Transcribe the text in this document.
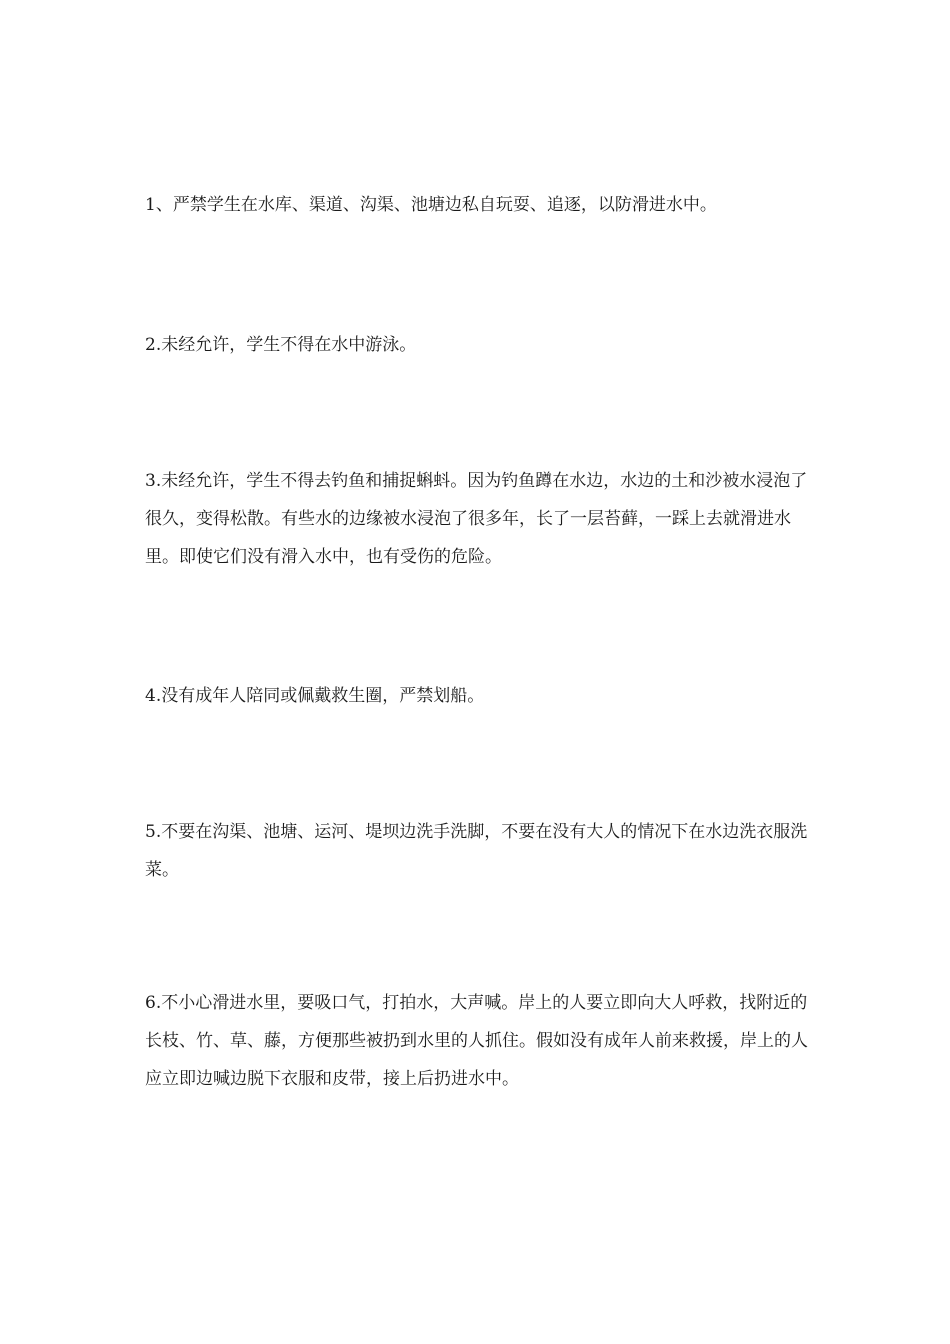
1、严禁学生在水库、渠道、沟渠、池塘边私自玩耍、追逐，以防滑进水中。

2.未经允许，学生不得在水中游泳。

3.未经允许，学生不得去钓鱼和捕捉蝌蚪。因为钓鱼蹲在水边，水边的土和沙被水浸泡了很久，变得松散。有些水的边缘被水浸泡了很多年，长了一层苔藓，一踩上去就滑进水里。即使它们没有滑入水中，也有受伤的危险。

4.没有成年人陪同或佩戴救生圈，严禁划船。

5.不要在沟渠、池塘、运河、堤坝边洗手洗脚，不要在没有大人的情况下在水边洗衣服洗菜。

6.不小心滑进水里，要吸口气，打拍水，大声喊。岸上的人要立即向大人呼救，找附近的长枝、竹、草、藤，方便那些被扔到水里的人抓住。假如没有成年人前来救援，岸上的人应立即边喊边脱下衣服和皮带，接上后扔进水中。
